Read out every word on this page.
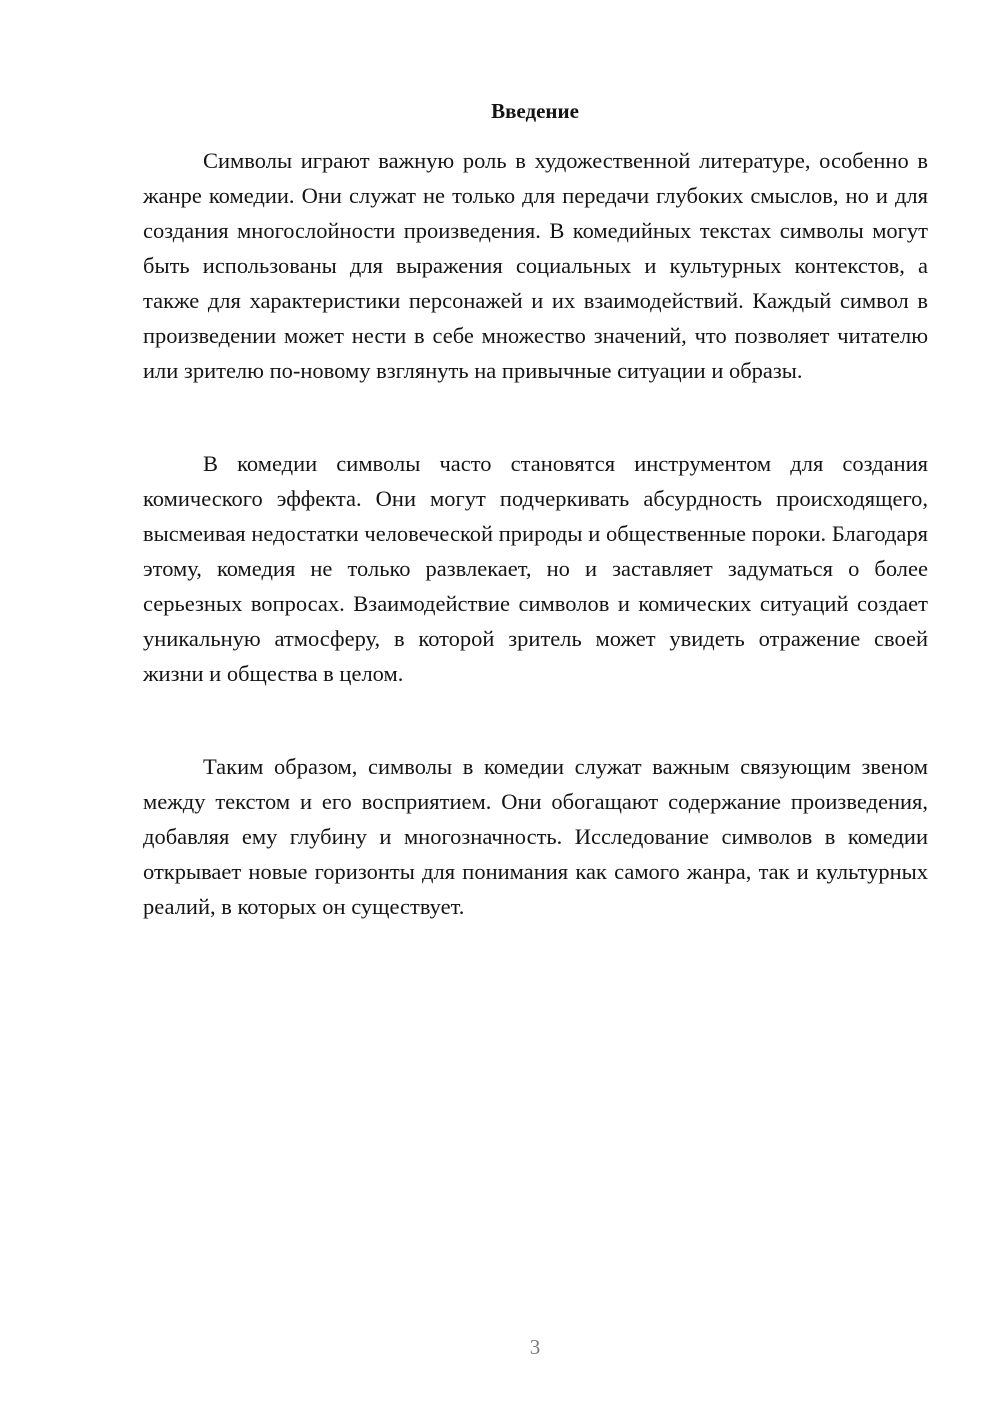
Введение

Символы играют важную роль в художественной литературе, особенно в жанре комедии. Они служат не только для передачи глубоких смыслов, но и для создания многослойности произведения. В комедийных текстах символы могут быть использованы для выражения социальных и культурных контекстов, а также для характеристики персонажей и их взаимодействий. Каждый символ в произведении может нести в себе множество значений, что позволяет читателю или зрителю по-новому взглянуть на привычные ситуации и образы.

В комедии символы часто становятся инструментом для создания комического эффекта. Они могут подчеркивать абсурдность происходящего, высмеивая недостатки человеческой природы и общественные пороки. Благодаря этому, комедия не только развлекает, но и заставляет задуматься о более серьезных вопросах. Взаимодействие символов и комических ситуаций создает уникальную атмосферу, в которой зритель может увидеть отражение своей жизни и общества в целом.

Таким образом, символы в комедии служат важным связующим звеном между текстом и его восприятием. Они обогащают содержание произведения, добавляя ему глубину и многозначность. Исследование символов в комедии открывает новые горизонты для понимания как самого жанра, так и культурных реалий, в которых он существует.

3
